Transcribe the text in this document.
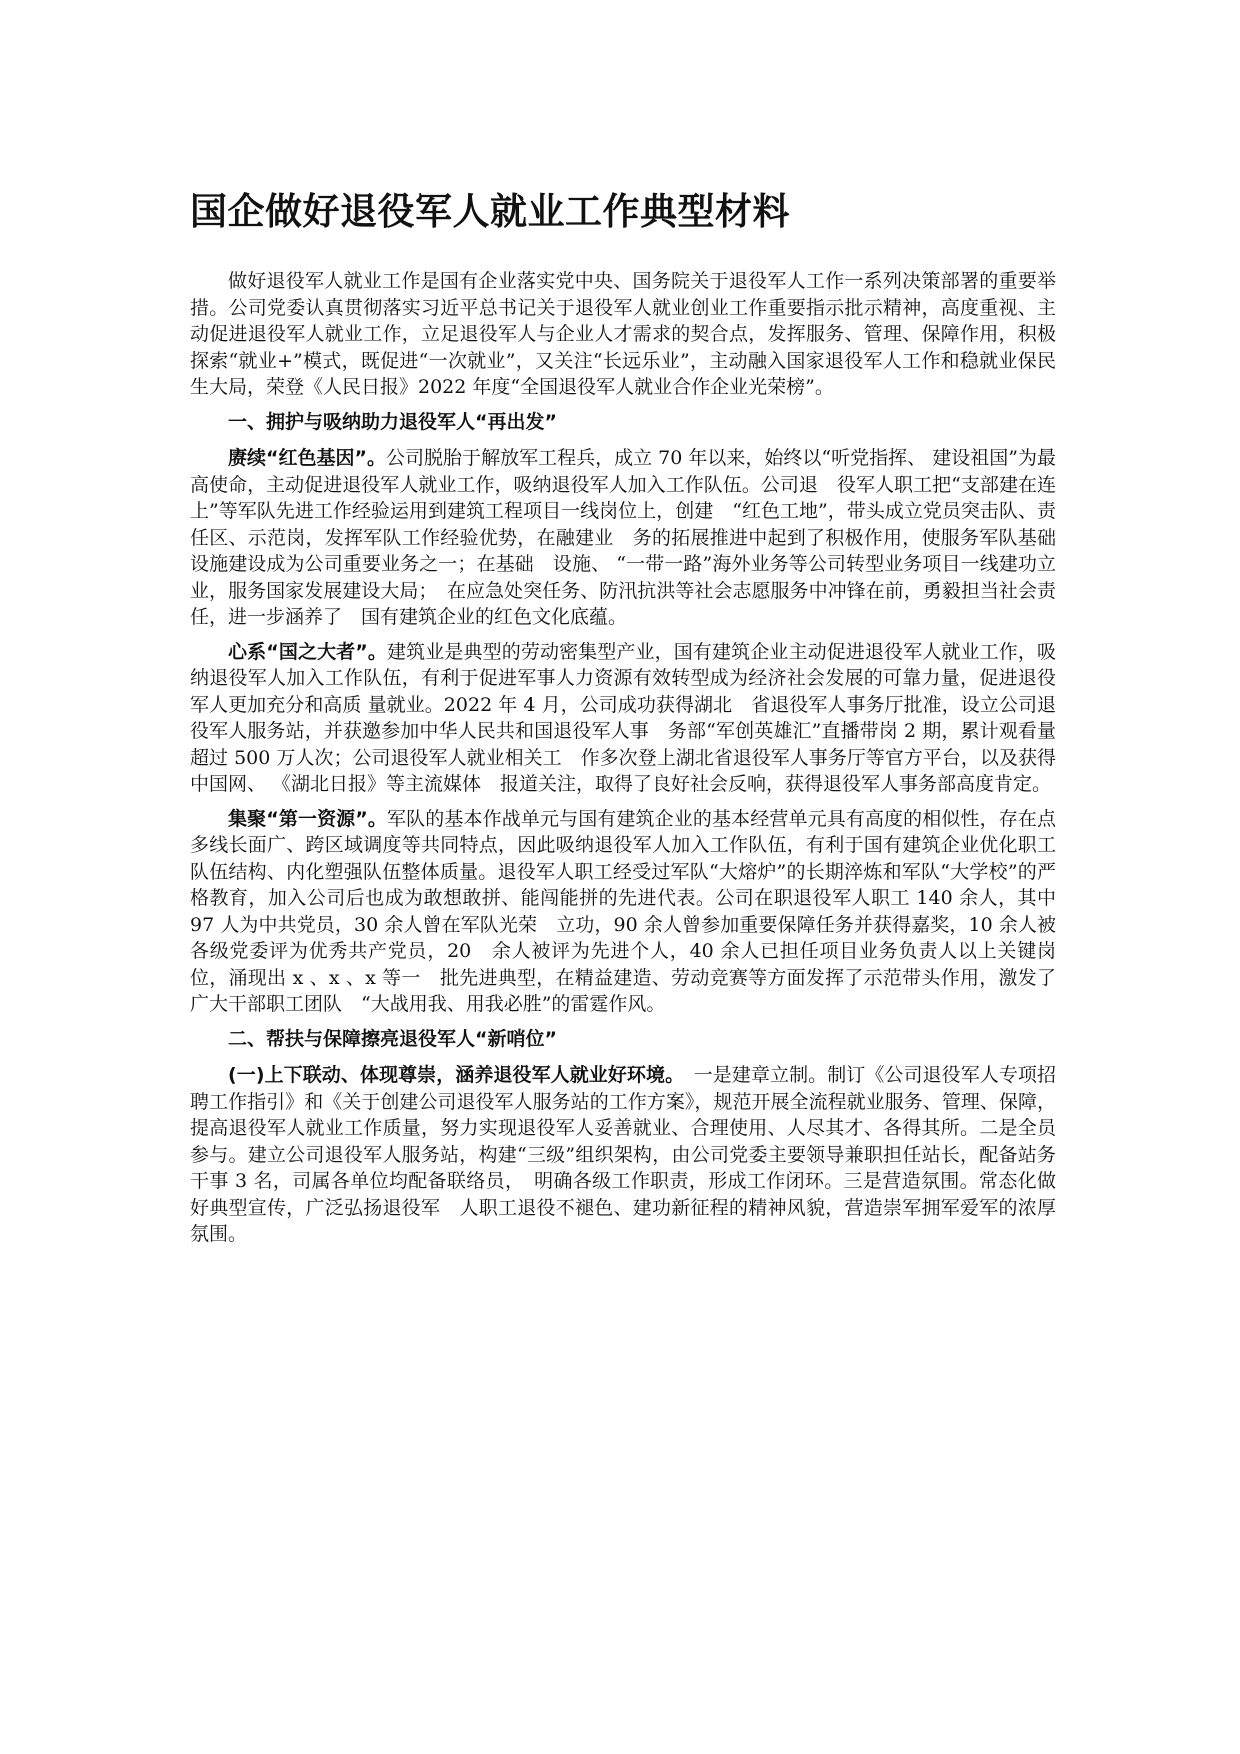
国企做好退役军人就业工作典型材料

做好退役军人就业工作是国有企业落实党中央、国务院关于退役军人工作一系列决策部署的重要举措。公司党委认真贯彻落实习近平总书记关于退役军人就业创业工作重要指示批示精神，高度重视、主动促进退役军人就业工作，立足退役军人与企业人才需求的契合点，发挥服务、管理、保障作用，积极探索“就业+”模式，既促进“一次就业”，又关注“长远乐业”，主动融入国家退役军人工作和稳就业保民生大局，荣登《人民日报》2022 年度“全国退役军人就业合作企业光荣榜”。

一、拥护与吸纳助力退役军人“再出发”

赓续“红色基因”。公司脱胎于解放军工程兵，成立 70 年以来，始终以“听党指挥、 建设祖国”为最高使命，主动促进退役军人就业工作，吸纳退役军人加入工作队伍。公司退　役军人职工把“支部建在连上”等军队先进工作经验运用到建筑工程项目一线岗位上，创建　“红色工地”，带头成立党员突击队、责任区、示范岗，发挥军队工作经验优势，在融建业　务的拓展推进中起到了积极作用，使服务军队基础设施建设成为公司重要业务之一；在基础　设施、 “一带一路”海外业务等公司转型业务项目一线建功立业，服务国家发展建设大局；　在应急处突任务、防汛抗洪等社会志愿服务中冲锋在前，勇毅担当社会责任，进一步涵养了　国有建筑企业的红色文化底蕴。

心系“国之大者”。建筑业是典型的劳动密集型产业，国有建筑企业主动促进退役军人就业工作，吸纳退役军人加入工作队伍，有利于促进军事人力资源有效转型成为经济社会发展的可靠力量，促进退役军人更加充分和高质 量就业。2022 年 4 月，公司成功获得湖北　省退役军人事务厅批准，设立公司退役军人服务站，并获邀参加中华人民共和国退役军人事　务部“军创英雄汇”直播带岗 2 期，累计观看量超过 500 万人次；公司退役军人就业相关工　作多次登上湖北省退役军人事务厅等官方平台，以及获得中国网、 《湖北日报》等主流媒体　报道关注，取得了良好社会反响，获得退役军人事务部高度肯定。

集聚“第一资源”。军队的基本作战单元与国有建筑企业的基本经营单元具有高度的相似性，存在点多线长面广、跨区域调度等共同特点，因此吸纳退役军人加入工作队伍，有利于国有建筑企业优化职工队伍结构、内化塑强队伍整体质量。退役军人职工经受过军队“大熔炉”的长期淬炼和军队“大学校”的严格教育，加入公司后也成为敢想敢拼、能闯能拼的先进代表。公司在职退役军人职工 140 余人，其中 97 人为中共党员，30 余人曾在军队光荣　立功，90 余人曾参加重要保障任务并获得嘉奖，10 余人被各级党委评为优秀共产党员，20　余人被评为先进个人，40 余人已担任项目业务负责人以上关键岗位，涌现出 x 、x 、x 等一　批先进典型，在精益建造、劳动竞赛等方面发挥了示范带头作用，激发了广大干部职工团队　“大战用我、用我必胜”的雷霆作风。

二、帮扶与保障擦亮退役军人“新哨位”

(一)上下联动、体现尊崇，涵养退役军人就业好环境。　一是建章立制。制订《公司退役军人专项招聘工作指引》和《关于创建公司退役军人服务站的工作方案》，规范开展全流程就业服务、管理、保障，提高退役军人就业工作质量，努力实现退役军人妥善就业、合理使用、人尽其才、各得其所。二是全员参与。建立公司退役军人服务站，构建“三级”组织架构，由公司党委主要领导兼职担任站长，配备站务干事 3 名，司属各单位均配备联络员，　明确各级工作职责，形成工作闭环。三是营造氛围。常态化做好典型宣传，广泛弘扬退役军　人职工退役不褪色、建功新征程的精神风貌，营造崇军拥军爱军的浓厚氛围。
